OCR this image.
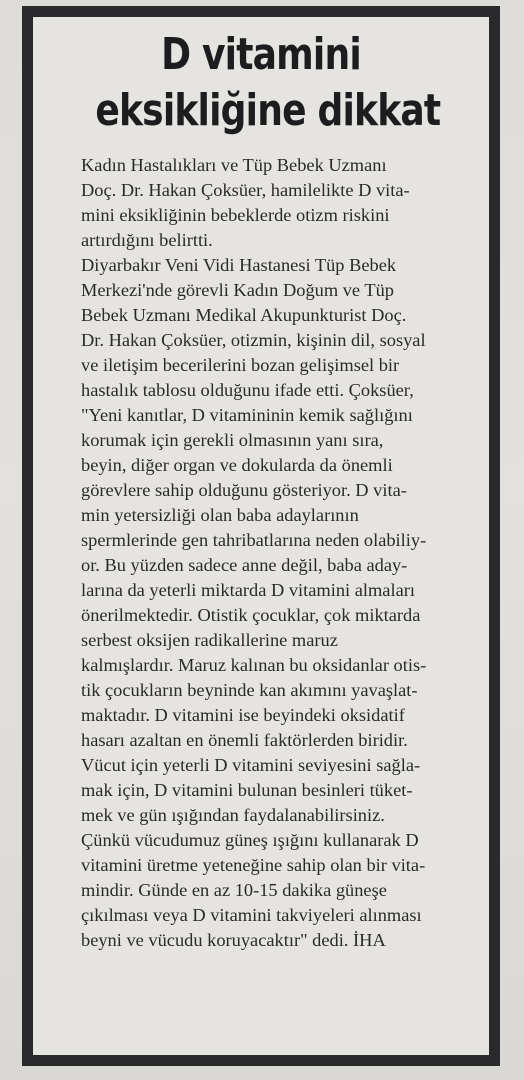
D vitamini
eksikliğine dikkat

Kadın Hastalıkları ve Tüp Bebek Uzmanı
Doç. Dr. Hakan Çoksüer, hamilelikte D vita-
mini eksikliğinin bebeklerde otizm riskini
artırdığını belirtti.

Diyarbakır Veni Vidi Hastanesi Tüp Bebek
Merkezi'nde görevli Kadın Doğum ve Tüp
Bebek Uzmanı Medikal Akupunkturist Doç.
Dr. Hakan Çoksüer, otizmin, kişinin dil, sosyal
ve iletişim becerilerini bozan gelişimsel bir
hastalık tablosu olduğunu ifade etti. Çoksüer,
"Yeni kanıtlar, D vitamininin kemik sağlığını
korumak için gerekli olmasının yanı sıra,
beyin, diğer organ ve dokularda da önemli
görevlere sahip olduğunu gösteriyor. D vita-
min yetersizliği olan baba adaylarının
spermlerinde gen tahribatlarına neden olabiliy-
or. Bu yüzden sadece anne değil, baba aday-
larına da yeterli miktarda D vitamini almaları
önerilmektedir. Otistik çocuklar, çok miktarda
serbest oksijen radikallerine maruz
kalmışlardır. Maruz kalınan bu oksidanlar otis-
tik çocukların beyninde kan akımını yavaşlat-
maktadır. D vitamini ise beyindeki oksidatif
hasarı azaltan en önemli faktörlerden biridir.
Vücut için yeterli D vitamini seviyesini sağla-
mak için, D vitamini bulunan besinleri tüket-
mek ve gün ışığından faydalanabilirsiniz.
Çünkü vücudumuz güneş ışığını kullanarak D
vitamini üretme yeteneğine sahip olan bir vita-
mindir. Günde en az 10-15 dakika güneşe
çıkılması veya D vitamini takviyeleri alınması
beyni ve vücudu koruyacaktır" dedi. İHA
